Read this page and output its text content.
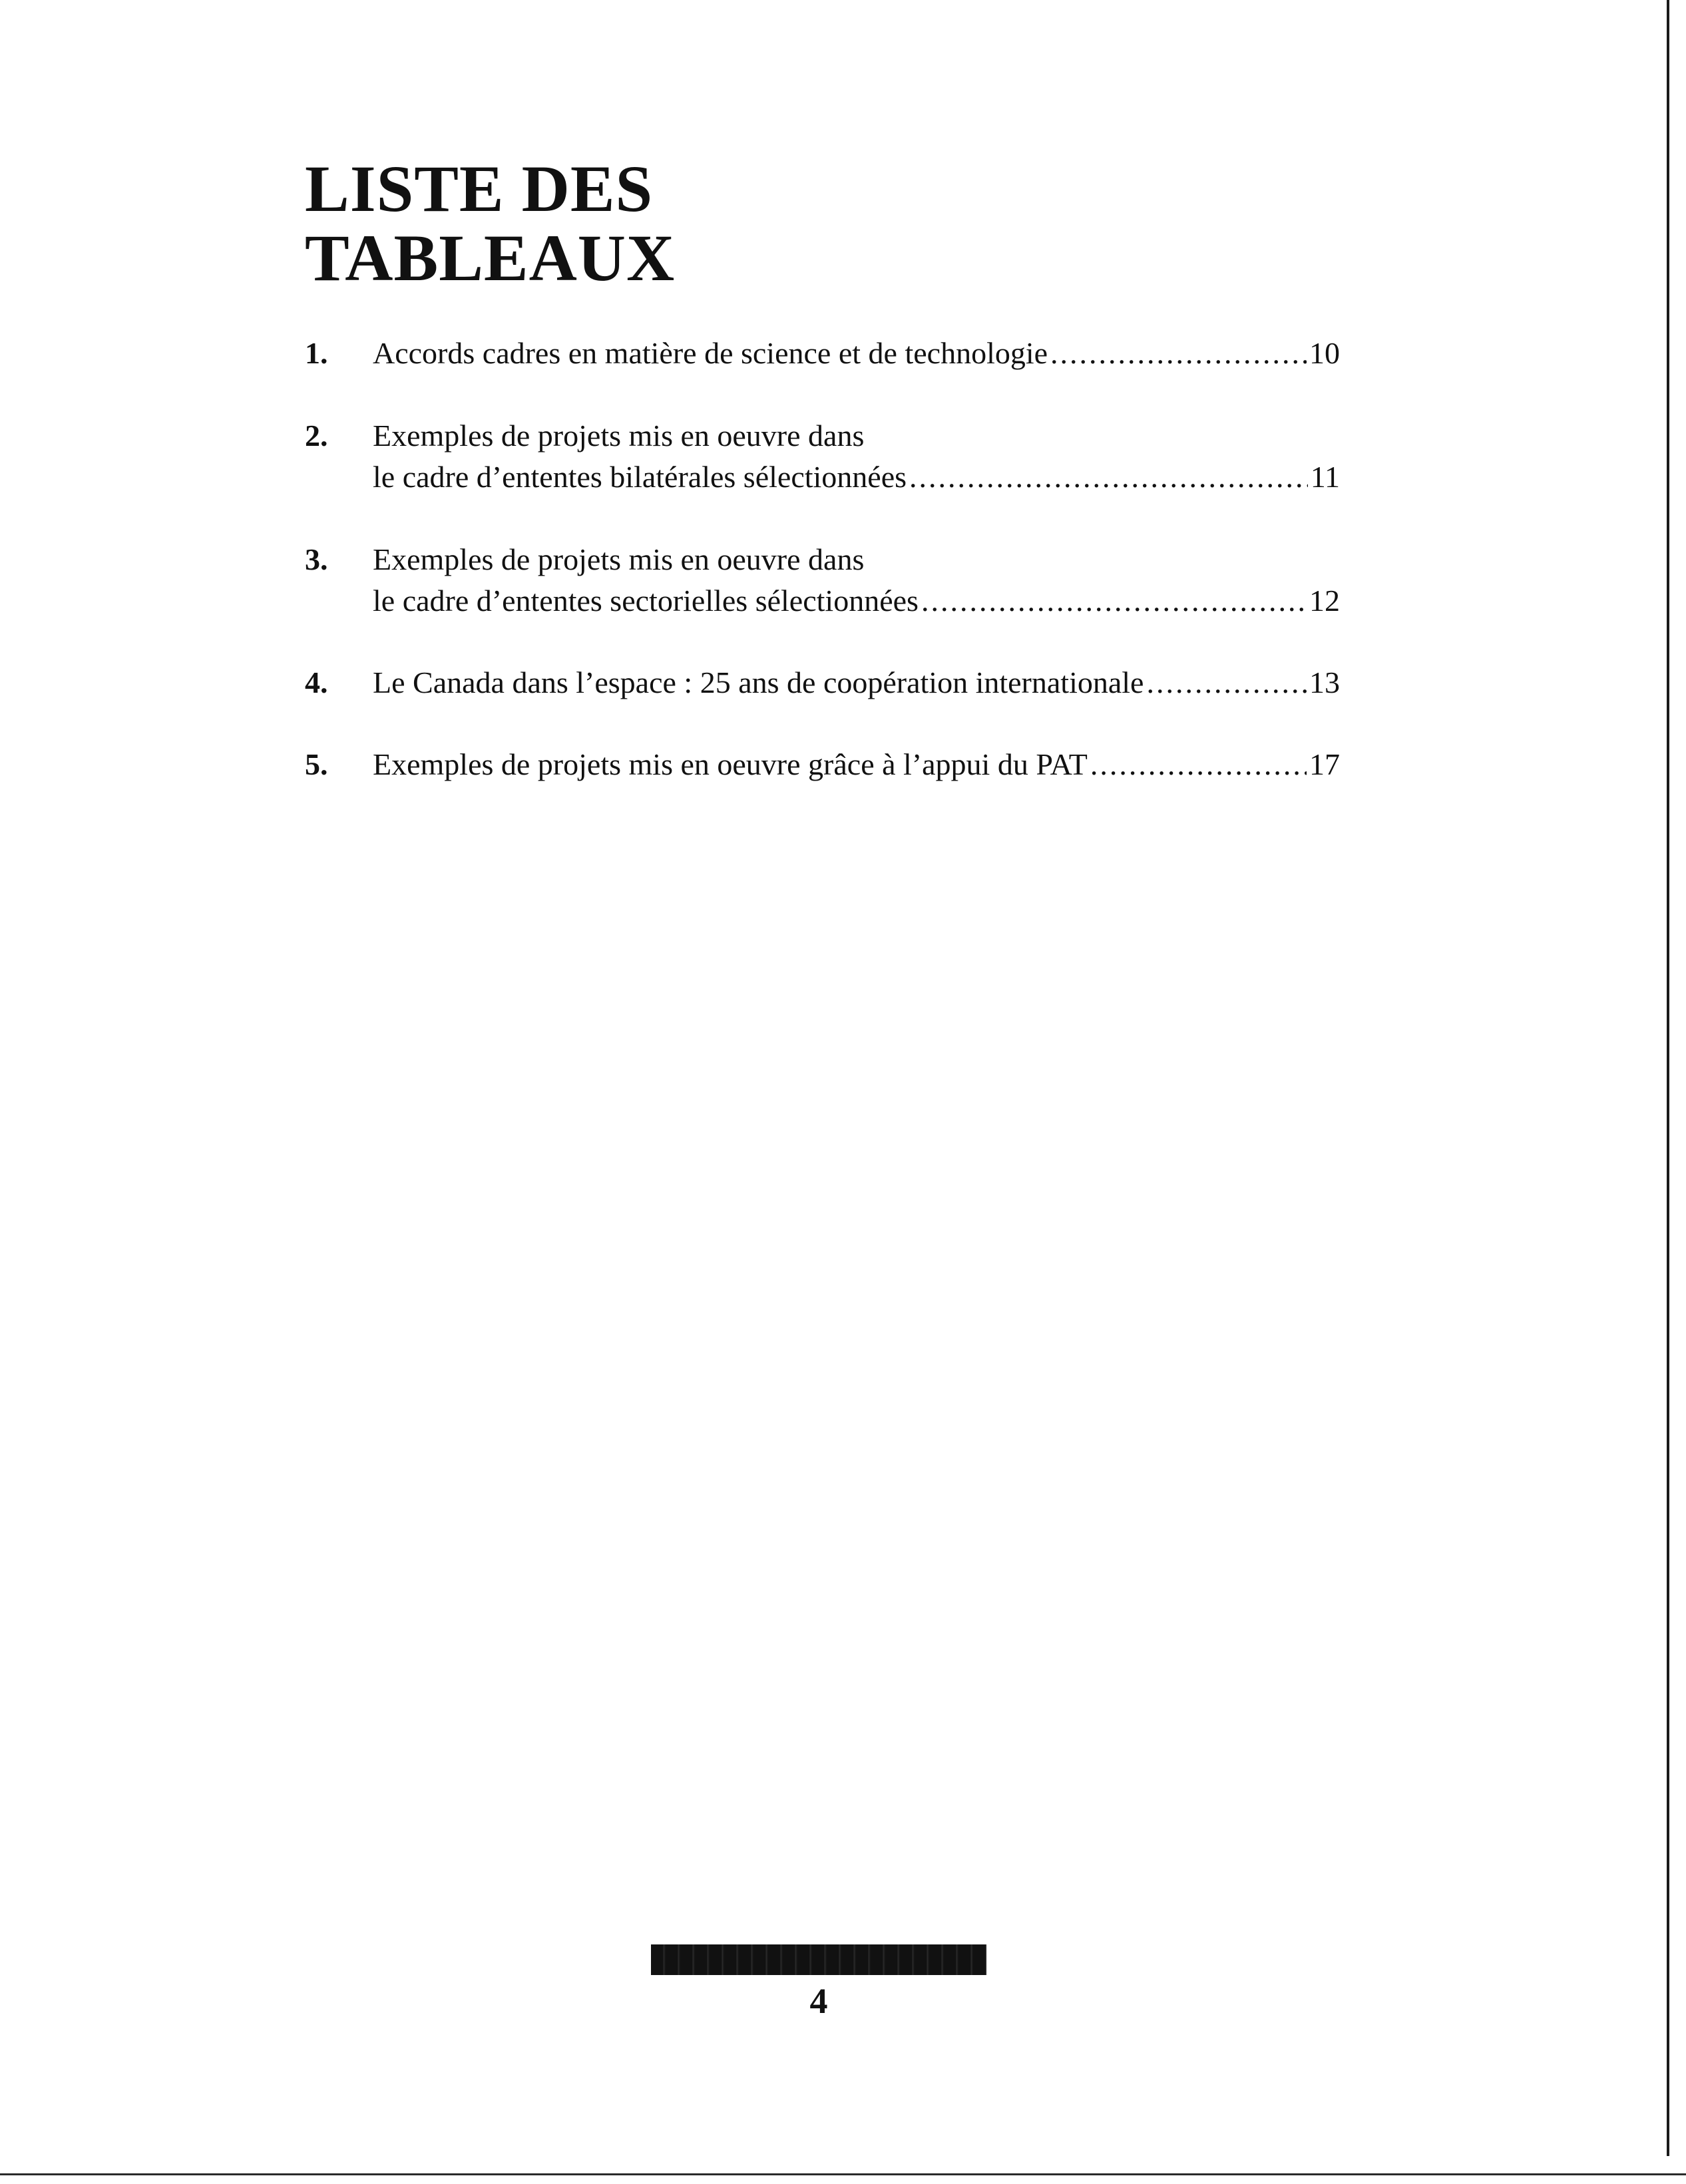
LISTE DES
TABLEAUX
1. Accords cadres en matière de science et de technologie .....	10
2. Exemples de projets mis en oeuvre dans
le cadre d’ententes bilatérales sélectionnées .....	11
3. Exemples de projets mis en oeuvre dans
le cadre d’ententes sectorielles sélectionnées .....	12
4. Le Canada dans l’espace : 25 ans de coopération internationale .....	13
5. Exemples de projets mis en oeuvre grâce à l’appui du PAT .....	17
4
